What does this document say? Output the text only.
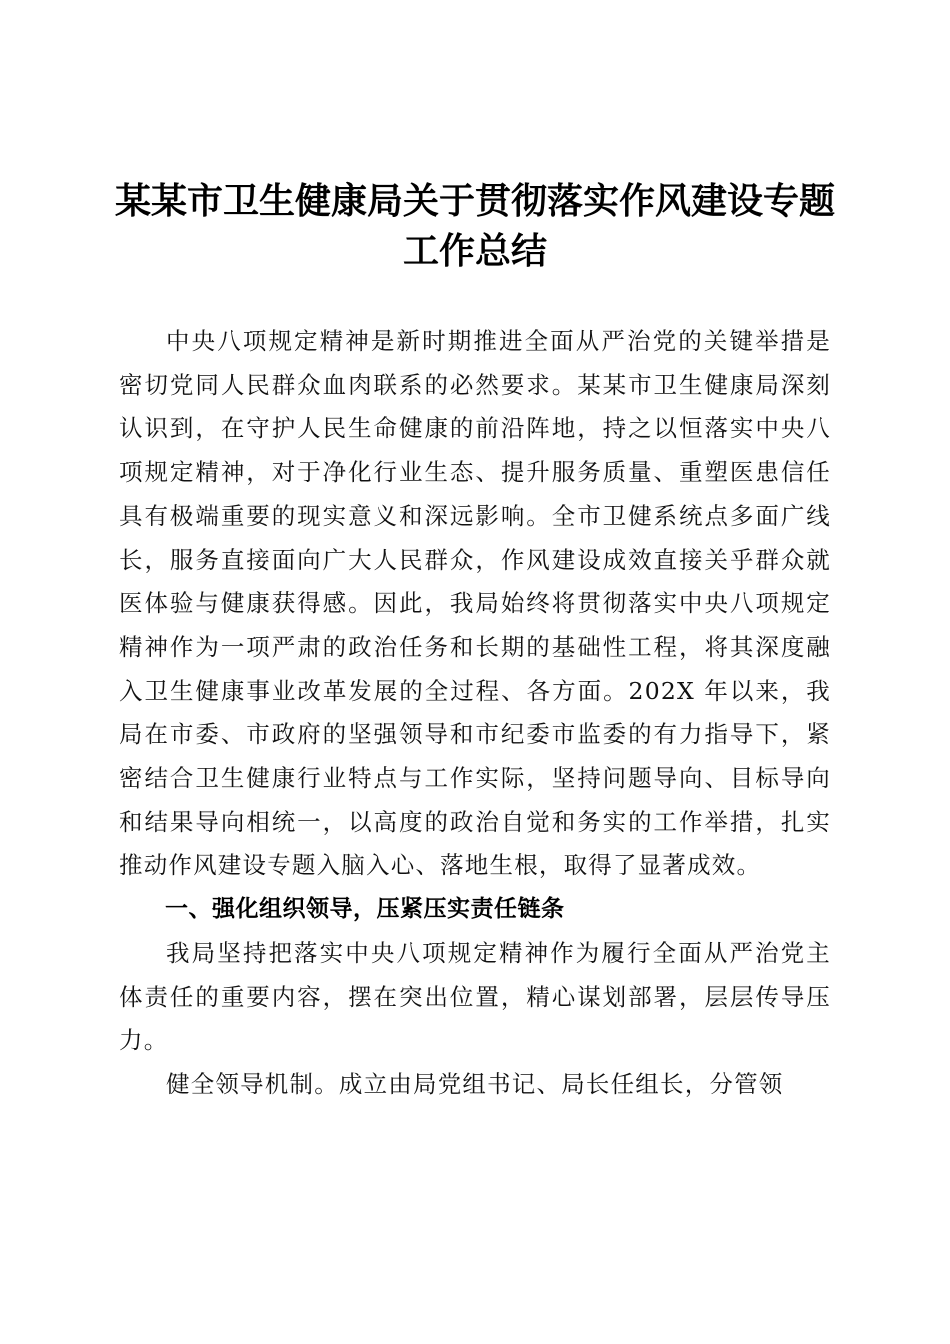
某某市卫生健康局关于贯彻落实作风建设专题
工作总结

中央八项规定精神是新时期推进全面从严治党的关键举措是密切党同人民群众血肉联系的必然要求。某某市卫生健康局深刻认识到，在守护人民生命健康的前沿阵地，持之以恒落实中央八项规定精神，对于净化行业生态、提升服务质量、重塑医患信任具有极端重要的现实意义和深远影响。全市卫健系统点多面广线长，服务直接面向广大人民群众，作风建设成效直接关乎群众就医体验与健康获得感。因此，我局始终将贯彻落实中央八项规定精神作为一项严肃的政治任务和长期的基础性工程，将其深度融入卫生健康事业改革发展的全过程、各方面。202X 年以来，我局在市委、市政府的坚强领导和市纪委市监委的有力指导下，紧密结合卫生健康行业特点与工作实际，坚持问题导向、目标导向和结果导向相统一，以高度的政治自觉和务实的工作举措，扎实推动作风建设专题入脑入心、落地生根，取得了显著成效。

一、强化组织领导，压紧压实责任链条

我局坚持把落实中央八项规定精神作为履行全面从严治党主体责任的重要内容，摆在突出位置，精心谋划部署，层层传导压力。

健全领导机制。成立由局党组书记、局长任组长，分管领
